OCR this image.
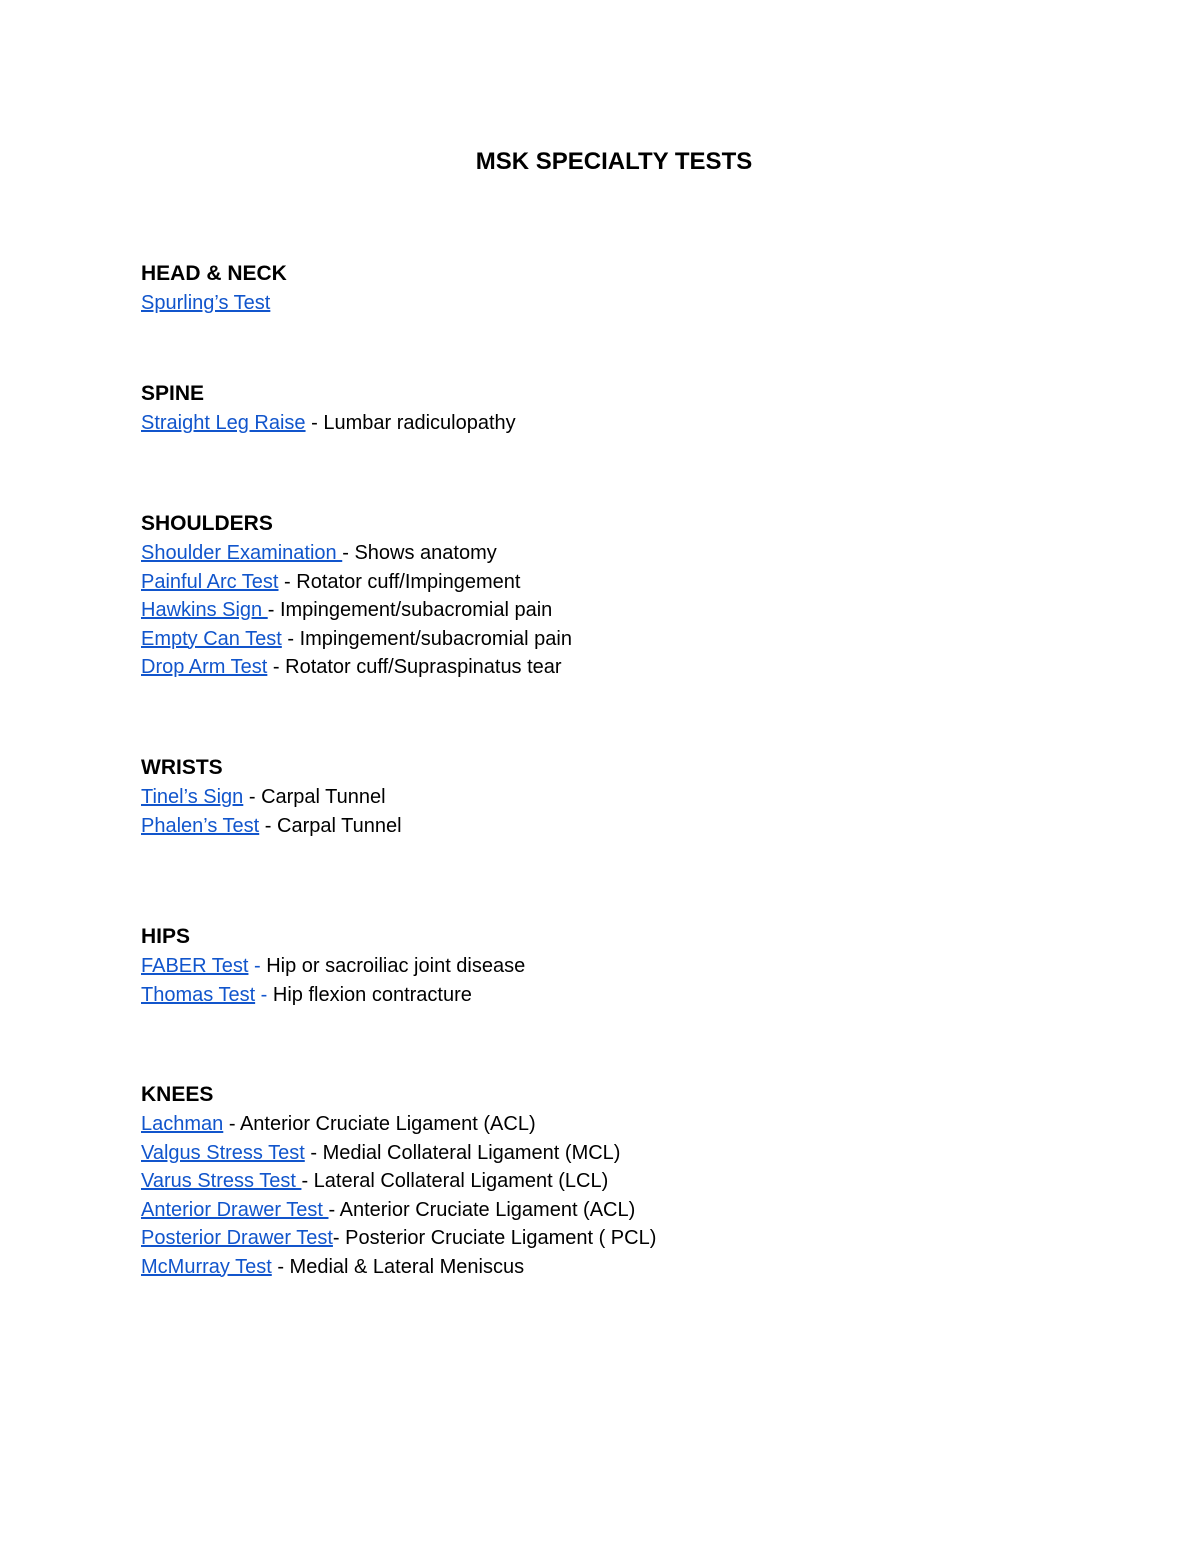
MSK SPECIALTY TESTS
HEAD & NECK
Spurling’s Test
SPINE
Straight Leg Raise - Lumbar radiculopathy
SHOULDERS
Shoulder Examination - Shows anatomy
Painful Arc Test - Rotator cuff/Impingement
Hawkins Sign - Impingement/subacromial pain
Empty Can Test - Impingement/subacromial pain
Drop Arm Test - Rotator cuff/Supraspinatus tear
WRISTS
Tinel’s Sign - Carpal Tunnel
Phalen’s Test - Carpal Tunnel
HIPS
FABER Test - Hip or sacroiliac joint disease
Thomas Test - Hip flexion contracture
KNEES
Lachman - Anterior Cruciate Ligament (ACL)
Valgus Stress Test - Medial Collateral Ligament (MCL)
Varus Stress Test - Lateral Collateral Ligament (LCL)
Anterior Drawer Test - Anterior Cruciate Ligament (ACL)
Posterior Drawer Test- Posterior Cruciate Ligament ( PCL)
McMurray Test - Medial & Lateral Meniscus
